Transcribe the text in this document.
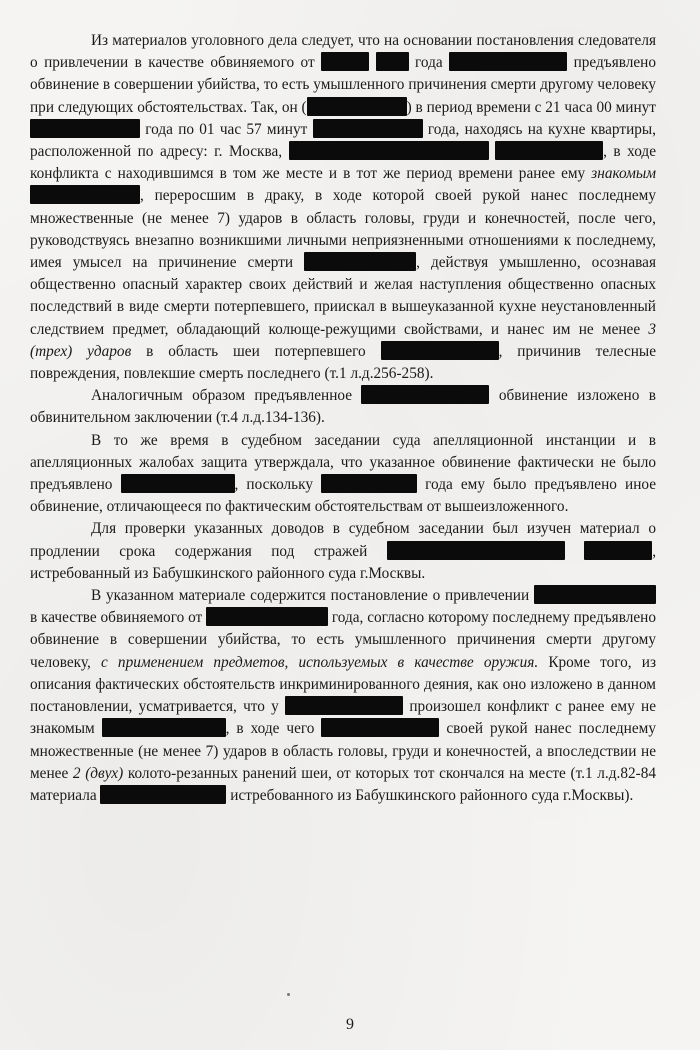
Из материалов уголовного дела следует, что на основании постановления следователя о привлечении в качестве обвиняемого от	года	предъявлено обвинение в совершении убийства, то есть умышленного причинения смерти другому человеку при следующих обстоятельствах. Так, он (	) в период времени с 21 часа 00 минут  года по 01 час 57 минут	года, находясь на кухне квартиры, расположенной по адресу: г. Москва,	, в ходе конфликта с находившимся в том же месте и в тот же период времени ранее ему знакомым , переросшим в драку, в ходе которой своей рукой нанес последнему множественные (не менее 7) ударов в область головы, груди и конечностей, после чего, руководствуясь внезапно возникшими личными неприязненными отношениями к последнему, имея умысел на причинение смерти	, действуя умышленно, осознавая общественно опасный характер своих действий и желая наступления общественно опасных последствий в виде смерти потерпевшего, приискал в вышеуказанной кухне неустановленный следствием предмет, обладающий колюще-режущими свойствами, и нанес им не менее 3 (трех) ударов в область шеи потерпевшего	, причинив телесные повреждения, повлекшие смерть последнего (т.1 л.д.256-258).

Аналогичным образом предъявленное	обвинение изложено в обвинительном заключении (т.4 л.д.134-136).

В то же время в судебном заседании суда апелляционной инстанции и в апелляционных жалобах защита утверждала, что указанное обвинение фактически не было предъявлено	, поскольку	года ему было предъявлено иное обвинение, отличающееся по фактическим обстоятельствам от вышеизложенного.

Для проверки указанных доводов в судебном заседании был изучен материал о продлении срока содержания под стражей	, истребованный из Бабушкинского районного суда г.Москвы.

В указанном материале содержится постановление о привлечении  в качестве обвиняемого от	года, согласно которому последнему предъявлено обвинение в совершении убийства, то есть умышленного причинения смерти другому человеку, с применением предметов, используемых в качестве оружия. Кроме того, из описания фактических обстоятельств инкриминированного деяния, как оно изложено в данном постановлении, усматривается, что у	произошел конфликт с ранее ему не знакомым	, в ходе чего	своей рукой нанес последнему множественные (не менее 7) ударов в область головы, груди и конечностей, а впоследствии не менее 2 (двух) колото-резанных ранений шеи, от которых тот скончался на месте (т.1 л.д.82-84 материала	истребованного из Бабушкинского районного суда г.Москвы).

9
